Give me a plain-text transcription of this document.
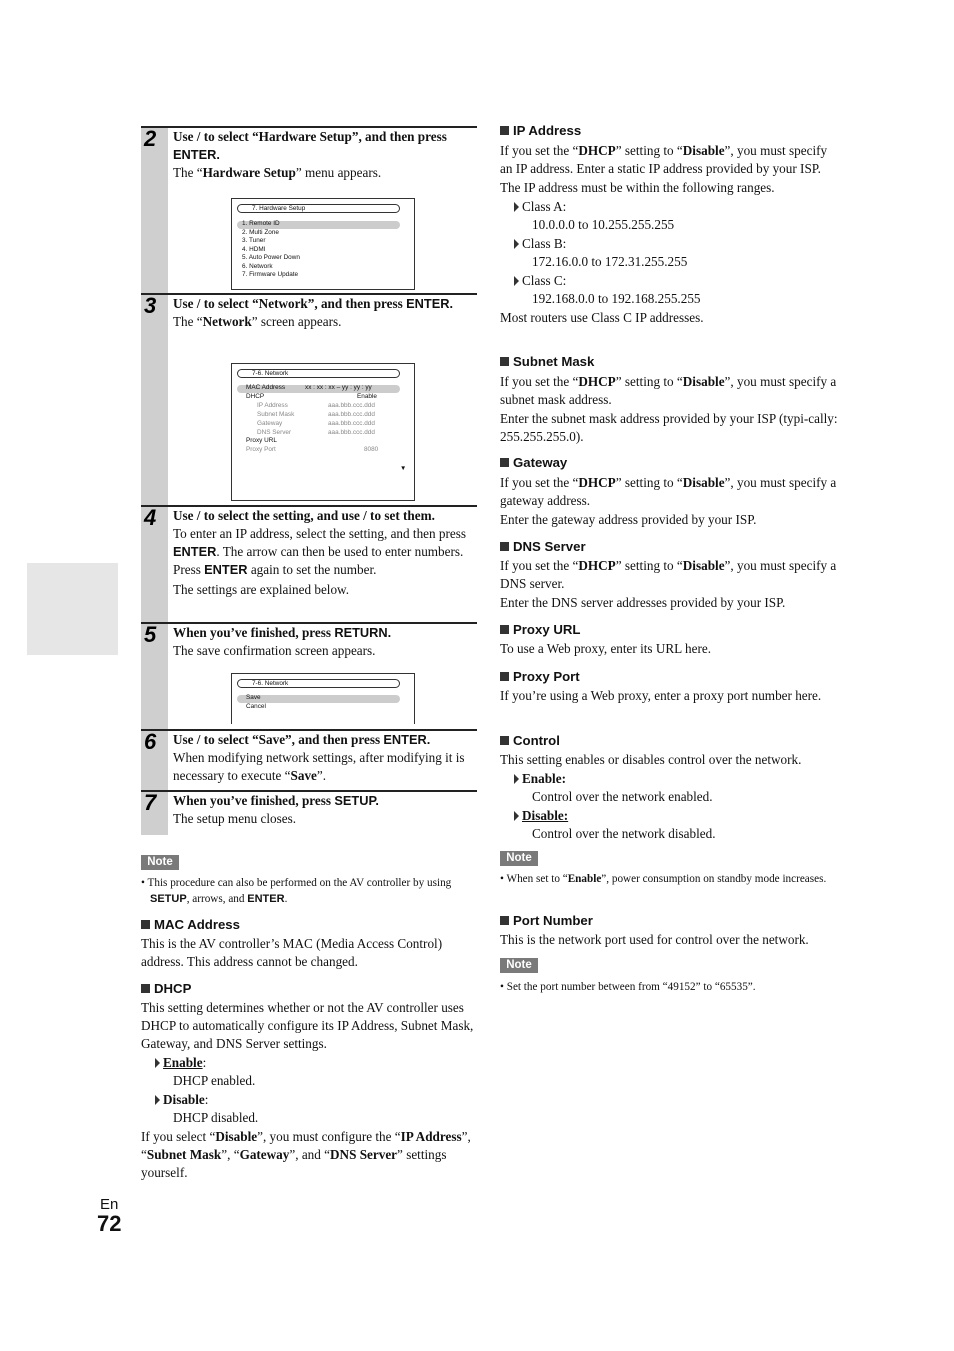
2 Use / to select “Hardware Setup”, and then press ENTER.
The “Hardware Setup” menu appears.
7. Hardware Setup
1. Remote ID
2. Multi Zone
3. Tuner
4. HDMI
5. Auto Power Down
6. Network
7. Firmware Update
3 Use / to select “Network”, and then press ENTER.
The “Network” screen appears.
7-6. Network
MAC Address	xx : xx : xx – yy : yy : yy
DHCP	Enable
IP Address	aaa.bbb.ccc.ddd
Subnet Mask	aaa.bbb.ccc.ddd
Gateway	aaa.bbb.ccc.ddd
DNS Server	aaa.bbb.ccc.ddd
Proxy URL
Proxy Port	8080
▼
4 Use / to select the setting, and use / to set them.
To enter an IP address, select the setting, and then press ENTER. The arrow can then be used to enter numbers. Press ENTER again to set the number.
The settings are explained below.
5 When you’ve finished, press RETURN.
The save confirmation screen appears.
7-6. Network
Save
Cancel
6 Use / to select “Save”, and then press ENTER.
When modifying network settings, after modifying it is necessary to execute “Save”.
7 When you’ve finished, press SETUP.
The setup menu closes.
Note
• This procedure can also be performed on the AV controller by using SETUP, arrows, and ENTER.
MAC Address
This is the AV controller’s MAC (Media Access Control) address. This address cannot be changed.
DHCP
This setting determines whether or not the AV controller uses DHCP to automatically configure its IP Address, Subnet Mask, Gateway, and DNS Server settings.
Enable:
DHCP enabled.
Disable:
DHCP disabled.
If you select “Disable”, you must configure the “IP Address”, “Subnet Mask”, “Gateway”, and “DNS Server” settings yourself.
IP Address
If you set the “DHCP” setting to “Disable”, you must specify an IP address. Enter a static IP address provided by your ISP.
The IP address must be within the following ranges.
Class A:
10.0.0.0 to 10.255.255.255
Class B:
172.16.0.0 to 172.31.255.255
Class C:
192.168.0.0 to 192.168.255.255
Most routers use Class C IP addresses.
Subnet Mask
If you set the “DHCP” setting to “Disable”, you must specify a subnet mask address.
Enter the subnet mask address provided by your ISP (typi-cally: 255.255.255.0).
Gateway
If you set the “DHCP” setting to “Disable”, you must specify a gateway address.
Enter the gateway address provided by your ISP.
DNS Server
If you set the “DHCP” setting to “Disable”, you must specify a DNS server.
Enter the DNS server addresses provided by your ISP.
Proxy URL
To use a Web proxy, enter its URL here.
Proxy Port
If you’re using a Web proxy, enter a proxy port number here.
Control
This setting enables or disables control over the network.
Enable:
Control over the network enabled.
Disable:
Control over the network disabled.
Note
• When set to “Enable”, power consumption on standby mode increases.
Port Number
This is the network port used for control over the network.
Note
• Set the port number between from “49152” to “65535”.
En
72
